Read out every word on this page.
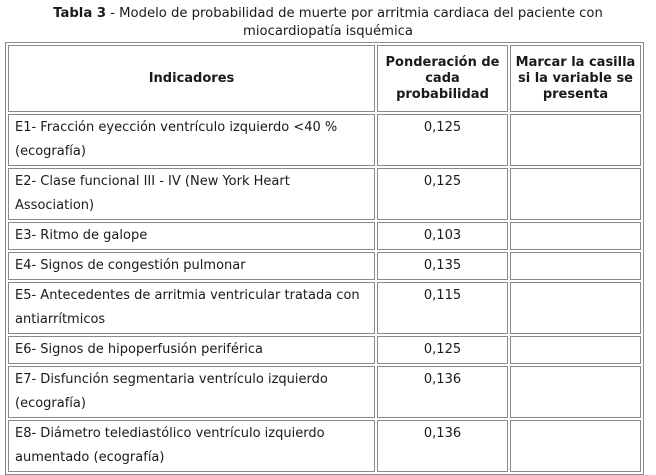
Tabla 3 - Modelo de probabilidad de muerte por arritmia cardiaca del paciente con
miocardiopatía isquémica
Indicadores	Ponderación de cada probabilidad	Marcar la casilla si la variable se presenta
E1- Fracción eyección ventrículo izquierdo <40 % (ecografía)	0,125	
E2- Clase funcional III - IV (New York Heart Association)	0,125	
E3- Ritmo de galope	0,103	
E4- Signos de congestión pulmonar	0,135	
E5- Antecedentes de arritmia ventricular tratada con antiarrítmicos	0,115	
E6- Signos de hipoperfusión periférica	0,125	
E7- Disfunción segmentaria ventrículo izquierdo (ecografía)	0,136	
E8- Diámetro telediastólico ventrículo izquierdo aumentado (ecografía)	0,136	
